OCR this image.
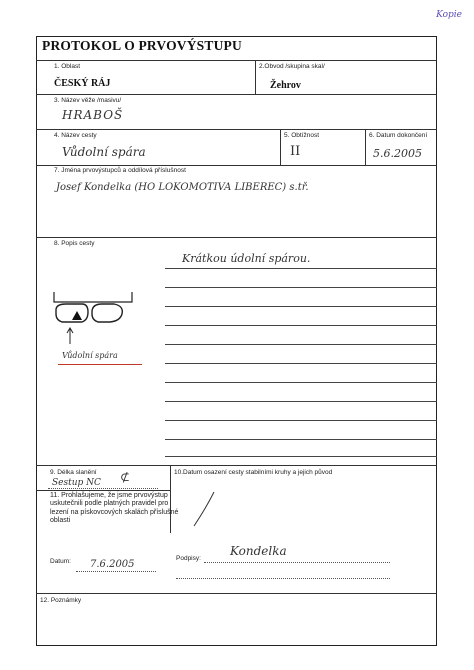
Kopie
PROTOKOL O PRVOVÝSTUPU
1. Oblast
ČESKÝ RÁJ
2.Obvod /skupina skal/
Žehrov
3. Název věže /masivu/
HRABOŠ
4. Název cesty
Vůdolní spára
5. Obtížnost
II
6. Datum dokončení
5.6.2005
7. Jména prvovýstupců a oddílová příslušnost
Josef Kondelka (HO LOKOMOTIVA LIBEREC) s.tř.
8. Popis cesty
Krátkou údolní spárou.
Vůdolní spára
9. Délka slanění
Sestup NC ⊄	10.Datum osazení cesty stabilními kruhy a jejich původ
11. Prohlašujeme, že jsme prvovýstup uskutečnili podle platných pravidel pro lezení na pískovcových skalách příslušné oblasti
Datum: 7.6.2005
Podpisy:
Kondelka
12. Poznámky
